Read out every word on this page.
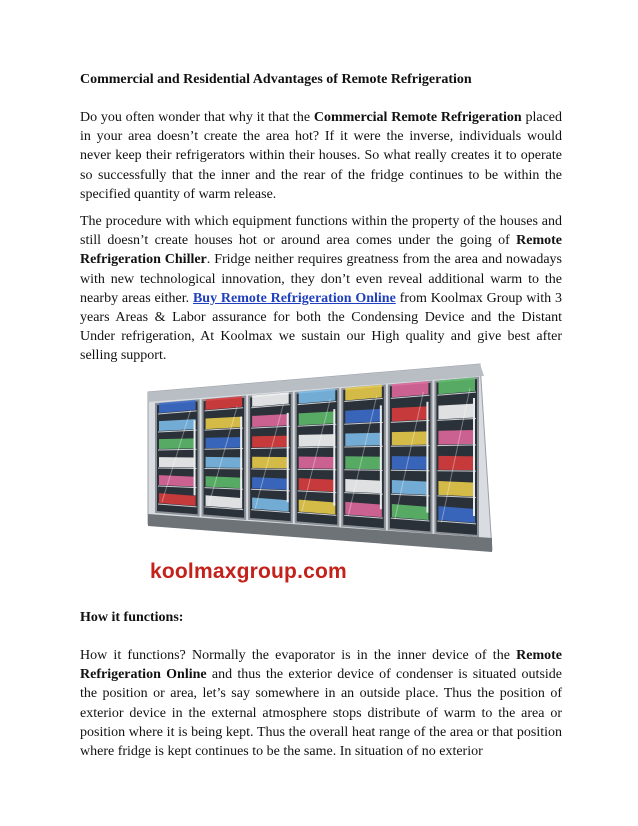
Commercial and Residential Advantages of Remote Refrigeration
Do you often wonder that why it that the Commercial Remote Refrigeration placed in your area doesn’t create the area hot? If it were the inverse, individuals would never keep their refrigerators within their houses. So what really creates it to operate so successfully that the inner and the rear of the fridge continues to be within the specified quantity of warm release.
The procedure with which equipment functions within the property of the houses and still doesn’t create houses hot or around area comes under the going of Remote Refrigeration Chiller. Fridge neither requires greatness from the area and nowadays with new technological innovation, they don’t even reveal additional warm to the nearby areas either. Buy Remote Refrigeration Online from Koolmax Group with 3 years Areas & Labor assurance for both the Condensing Device and the Distant Under refrigeration, At Koolmax we sustain our High quality and give best after selling support.
koolmaxgroup.com
How it functions:
How it functions? Normally the evaporator is in the inner device of the Remote Refrigeration Online and thus the exterior device of condenser is situated outside the position or area, let’s say somewhere in an outside place. Thus the position of exterior device in the external atmosphere stops distribute of warm to the area or position where it is being kept. Thus the overall heat range of the area or that position where fridge is kept continues to be the same. In situation of no exterior
